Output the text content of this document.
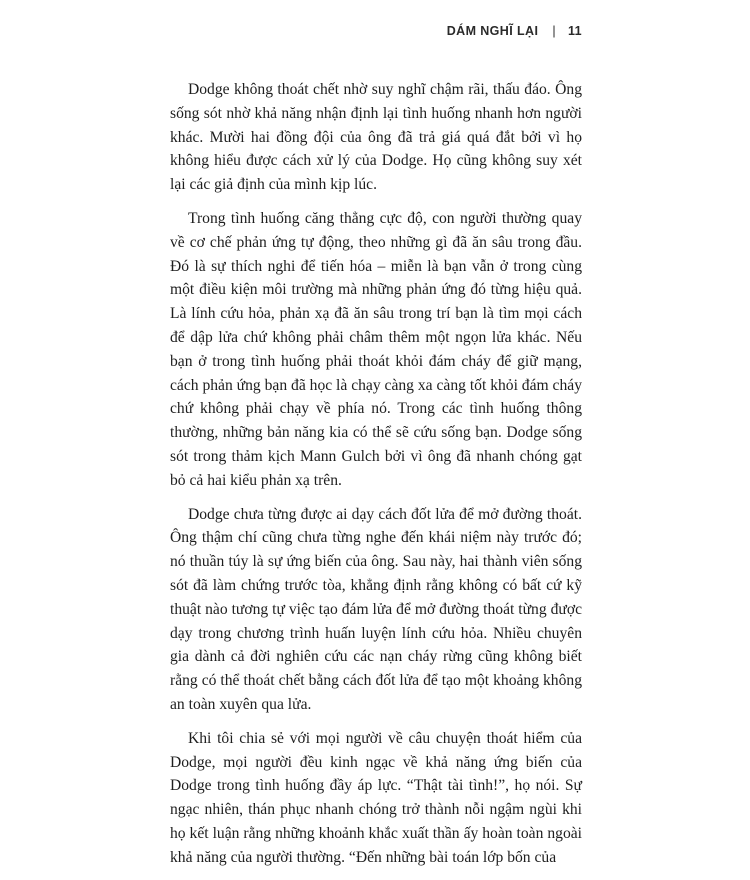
DÁM NGHĨ LẠI | 11

Dodge không thoát chết nhờ suy nghĩ chậm rãi, thấu đáo. Ông sống sót nhờ khả năng nhận định lại tình huống nhanh hơn người khác. Mười hai đồng đội của ông đã trả giá quá đắt bởi vì họ không hiểu được cách xử lý của Dodge. Họ cũng không suy xét lại các giả định của mình kịp lúc.

Trong tình huống căng thẳng cực độ, con người thường quay về cơ chế phản ứng tự động, theo những gì đã ăn sâu trong đầu. Đó là sự thích nghi để tiến hóa – miễn là bạn vẫn ở trong cùng một điều kiện môi trường mà những phản ứng đó từng hiệu quả. Là lính cứu hỏa, phản xạ đã ăn sâu trong trí bạn là tìm mọi cách để dập lửa chứ không phải châm thêm một ngọn lửa khác. Nếu bạn ở trong tình huống phải thoát khỏi đám cháy để giữ mạng, cách phản ứng bạn đã học là chạy càng xa càng tốt khỏi đám cháy chứ không phải chạy về phía nó. Trong các tình huống thông thường, những bản năng kia có thể sẽ cứu sống bạn. Dodge sống sót trong thảm kịch Mann Gulch bởi vì ông đã nhanh chóng gạt bỏ cả hai kiểu phản xạ trên.

Dodge chưa từng được ai dạy cách đốt lửa để mở đường thoát. Ông thậm chí cũng chưa từng nghe đến khái niệm này trước đó; nó thuần túy là sự ứng biến của ông. Sau này, hai thành viên sống sót đã làm chứng trước tòa, khẳng định rằng không có bất cứ kỹ thuật nào tương tự việc tạo đám lửa để mở đường thoát từng được dạy trong chương trình huấn luyện lính cứu hỏa. Nhiều chuyên gia dành cả đời nghiên cứu các nạn cháy rừng cũng không biết rằng có thể thoát chết bằng cách đốt lửa để tạo một khoảng không an toàn xuyên qua lửa.

Khi tôi chia sẻ với mọi người về câu chuyện thoát hiểm của Dodge, mọi người đều kinh ngạc về khả năng ứng biến của Dodge trong tình huống đầy áp lực. “Thật tài tình!”, họ nói. Sự ngạc nhiên, thán phục nhanh chóng trở thành nỗi ngậm ngùi khi họ kết luận rằng những khoảnh khắc xuất thần ấy hoàn toàn ngoài khả năng của người thường. “Đến những bài toán lớp bốn của
